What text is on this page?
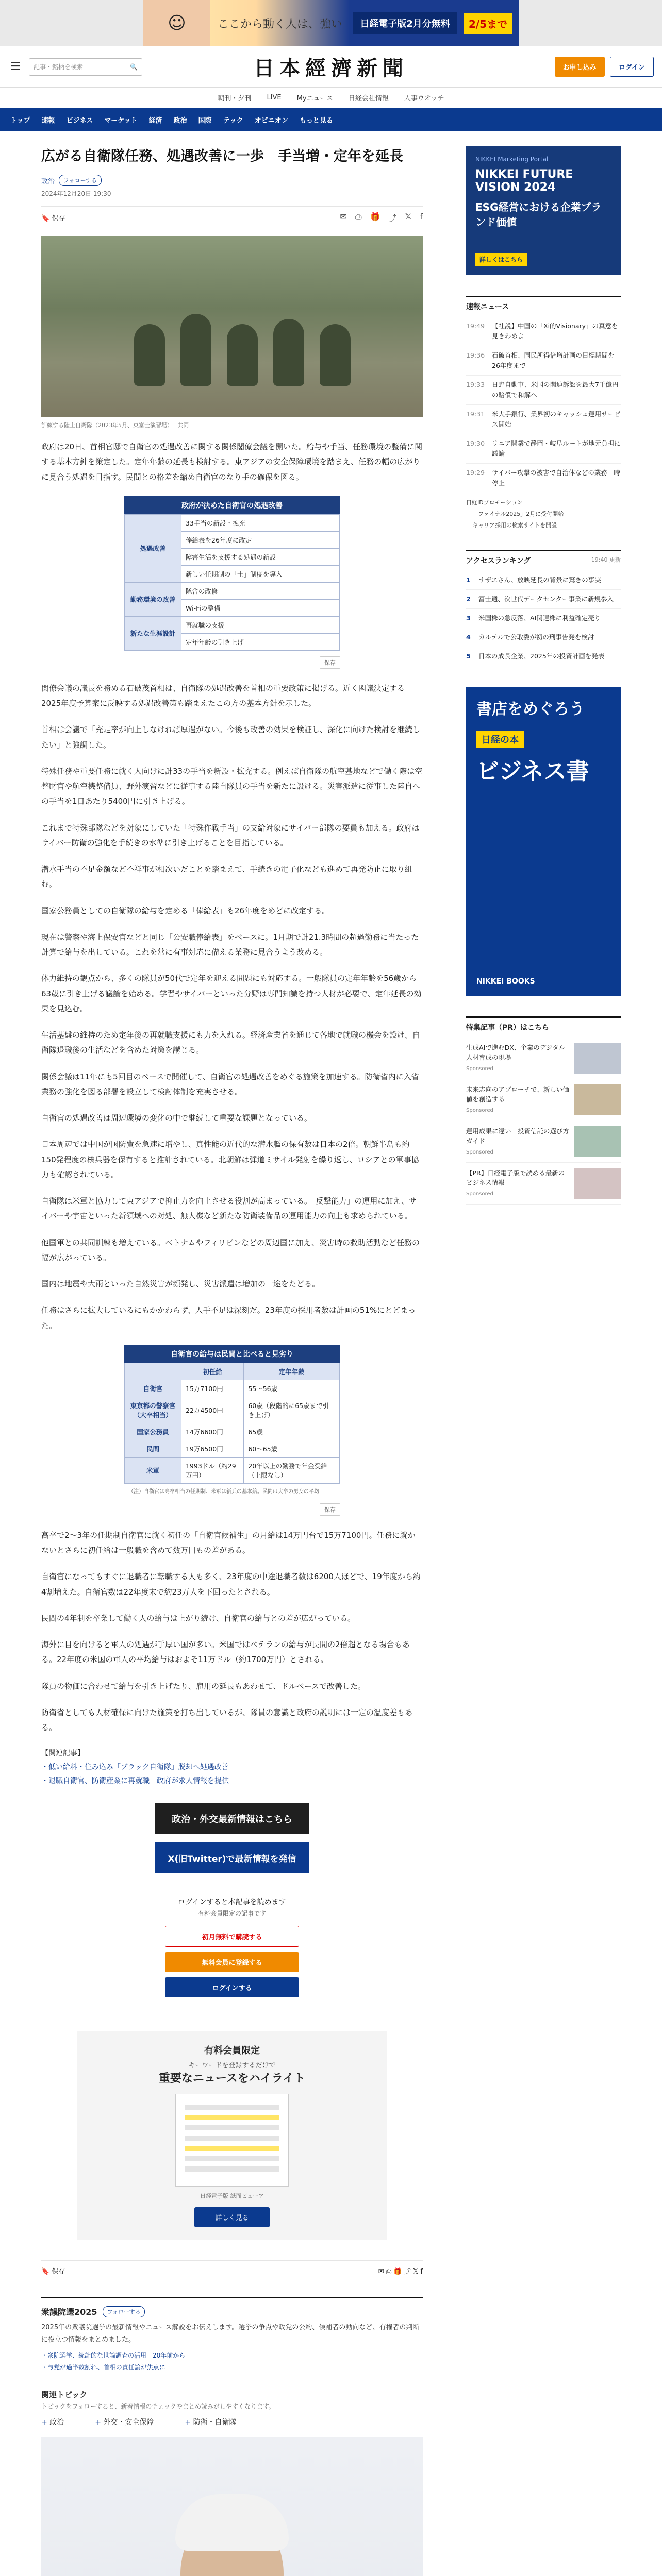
☺	ここから動く人は、強い	日経電子版2月分無料	2/5まで
☰	記事・銘柄を検索	🔍	日本經濟新聞	お申し込み	ログイン
朝刊・夕刊 LIVE Myニュース 日経会社情報 人事ウオッチ
トップ 速報 ビジネス マーケット 経済 政治 国際 テック オピニオン もっと見る
広がる自衛隊任務、処遇改善に一歩　手当増・定年を延長
政治	フォローする
2024年12月20日 19:30
🔖 保存	✉ ⎙ 🎁 ⤴ 𝕏 f
訓練する陸上自衛隊（2023年5月、東富士演習場）=共同

政府は20日、首相官邸で自衛官の処遇改善に関する関係閣僚会議を開いた。給与や手当、任務環境の整備に関する基本方針を策定した。定年年齢の延長も検討する。東アジアの安全保障環境を踏まえ、任務の幅の広がりに見合う処遇を目指す。民間との格差を縮め自衛官のなり手の確保を図る。

政府が決めた自衛官の処遇改善
処遇改善	33手当の新設・拡充
	俸給表を26年度に改定
	障害生活を支援する処遇の新設
	新しい任期制の「士」制度を導入
勤務環境の改善	隊舎の改修
	Wi-Fiの整備
新たな生涯設計	再就職の支援
	定年年齢の引き上げ
保存

関僚会議の議長を務める石破茂首相は、自衛隊の処遇改善を首相の重要政策に掲げる。近く閣議決定する2025年度予算案に反映する処遇改善策も踏まえたこの方の基本方針を示した。

首相は会議で「充足率が向上しなければ厚遇がない。今後も改善の効果を検証し、深化に向けた検討を継続したい」と強調した。

特殊任務や重要任務に就く人向けに計33の手当を新設・拡充する。例えば自衛隊の航空基地などで働く際は空整財官や航空機整備員、野外演習などに従事する陸自隊員の手当を新たに設ける。災害派遣に従事した陸自への手当を1日あたり5400円に引き上げる。

これまで特殊部隊などを対象にしていた「特殊作戦手当」の支給対象にサイバー部隊の要員も加える。政府はサイバー防衛の強化を手続きの水準に引き上げることを目指している。

潜水手当の不足金額など不祥事が相次いだことを踏まえて、手続きの電子化なども進めて再発防止に取り組む。

国家公務員としての自衛隊の給与を定める「俸給表」も26年度をめどに改定する。

現在は警察や海上保安官などと同じ「公安職俸給表」をベースに。1月期で計21.3時間の超過勤務に当たった計算で給与を出している。これを常に有事対応に備える業務に見合うよう改める。

体力維持の観点から、多くの隊員が50代で定年を迎える問題にも対応する。一般隊員の定年年齢を56歳から63歳に引き上げる議論を始める。学習やサイバーといった分野は専門知識を持つ人材が必要で、定年延長の効果を見込む。

生活基盤の維持のため定年後の再就職支援にも力を入れる。経済産業省を通じて各地で就職の機会を設け、自衛隊退職後の生活などを含めた対策を講じる。

関係会議は11年にも5回目のペースで開催して、自衛官の処遇改善をめぐる施策を加速する。防衛省内に入省業務の強化を図る部署を設立して検討体制を充実させる。

自衛官の処遇改善は周辺環境の変化の中で継続して重要な課題となっている。

日本周辺では中国が国防費を急速に増やし、真性能の近代的な潜水艦の保有数は日本の2倍。朝鮮半島も約150発程度の核兵器を保有すると推計されている。北朝鮮は弾道ミサイル発射を繰り返し、ロシアとの軍事協力も確認されている。

自衛隊は米軍と協力して東アジアで抑止力を向上させる役割が高まっている。「反撃能力」の運用に加え、サイバーや宇宙といった新領域への対処、無人機など新たな防衛装備品の運用能力の向上も求められている。

他国軍との共同訓練も増えている。ベトナムやフィリピンなどの周辺国に加え、災害時の救助活動など任務の幅が広がっている。

国内は地震や大雨といった自然災害が頻発し、災害派遣は増加の一途をたどる。

任務はさらに拡大しているにもかかわらず、人手不足は深刻だ。23年度の採用者数は計画の51%にとどまった。

自衛官の給与は民間と比べると見劣り
	初任給	定年年齢
自衛官	15万7100円	55〜56歳
東京都の警察官（大卒相当）	22万4500円	60歳（段階的に65歳まで引き上げ）
国家公務員	14万6600円	65歳
民間	19万6500円	60〜65歳
米軍	1993ドル（約29万円）	20年以上の勤務で年金受給（上限なし）
（注）自衛官は高卒相当の任期制、米軍は新兵の基本給。民間は大卒の男女の平均
保存

高卒で2〜3年の任期制自衛官に就く初任の「自衛官候補生」の月給は14万円台で15万7100円。任務に就かないとさらに初任給は一般職を含めて数万円もの差がある。

自衛官になってもすぐに退職者に転職する人も多く、23年度の中途退職者数は6200人ほどで、19年度から約4割増えた。自衛官数は22年度末で約23万人を下回ったとされる。

民間の4年制を卒業して働く人の給与は上がり続け、自衛官の給与との差が広がっている。

海外に目を向けると軍人の処遇が手厚い国が多い。米国ではベテランの給与が民間の2倍超となる場合もある。22年度の米国の軍人の平均給与はおよそ11万ドル（約1700万円）とされる。

隊員の物価に合わせて給与を引き上げたり、雇用の延長もあわせて、ドルベースで改善した。

防衛省としても人材確保に向けた施策を打ち出しているが、隊員の意識と政府の説明には一定の温度差もある。

【関連記事】
・低い給料・住み込み「ブラック自衛隊」脱却へ処遇改善
・退職自衛官、防衛産業に再就職　政府が求人情報を提供
政治・外交最新情報はこちら
X(旧Twitter)で最新情報を発信
ログインすると本記事を読めます
有料会員限定の記事です
初月無料で購読する
無料会員に登録する
ログインする
有料会員限定
キーワードを登録するだけで
重要なニュースをハイライト
日経電子版 紙面ビューア
詳しく見る
🔖 保存	✉ ⎙ 🎁 ⤴ 𝕏 f
衆議院選2025	フォローする
2025年の衆議院選挙の最新情報やニュース解説をお伝えします。選挙の争点や政党の公約、候補者の動向など、有権者の判断に役立つ情報をまとめました。
・衆院選挙、統計的な世論調査の活用　20年前から
・与党が過半数割れ、首相の責任論が焦点に
関連トピック
トピックをフォローすると、新着情報のチェックやまとめ読みがしやすくなります。
+ 政治	+ 外交・安全保障	+ 防衛・自衛隊
NIKKEI Marketing Portal
NIKKEI FUTURE VISION 2024
ESG経営における企業ブランド価値
詳しくはこちら
速報ニュース
19:49	【社説】中国の「Xi的Visionary」の真意を見きわめよ
19:36	石破首相、国民所得倍増計画の目標期間を26年度まで
19:33	日野自動車、米国の関連訴訟を最大7千億円の賠償で和解へ
19:31	米大手銀行、業界初のキャッシュ運用サービス開始
19:30	リニア開業で静岡・岐阜ルートが地元負担に議論
19:29	サイバー攻撃の被害で自治体などの業務一時停止
日経IDプロモーション
「ファイナル2025」2月に受付開始
キャリア採用の検索サイトを開設
アクセスランキング	19:40 更新
1	サザエさん、放映延長の背景に驚きの事実
2	富士通、次世代データセンター事業に新規参入
3	米国株の急反落、AI関連株に利益確定売り
4	カルテルで公取委が初の刑事告発を検討
5	日本の成長企業、2025年の投資計画を発表
書店をめぐろう
日経の本
ビジネス書
NIKKEI BOOKS
特集記事（PR）はこちら
生成AIで進むDX、企業のデジタル人材育成の現場
Sponsored
未来志向のアプローチで、新しい価値を創造する
Sponsored
運用成果に違い　投資信託の選び方ガイド
Sponsored
【PR】日経電子版で読める最新のビジネス情報
Sponsored
